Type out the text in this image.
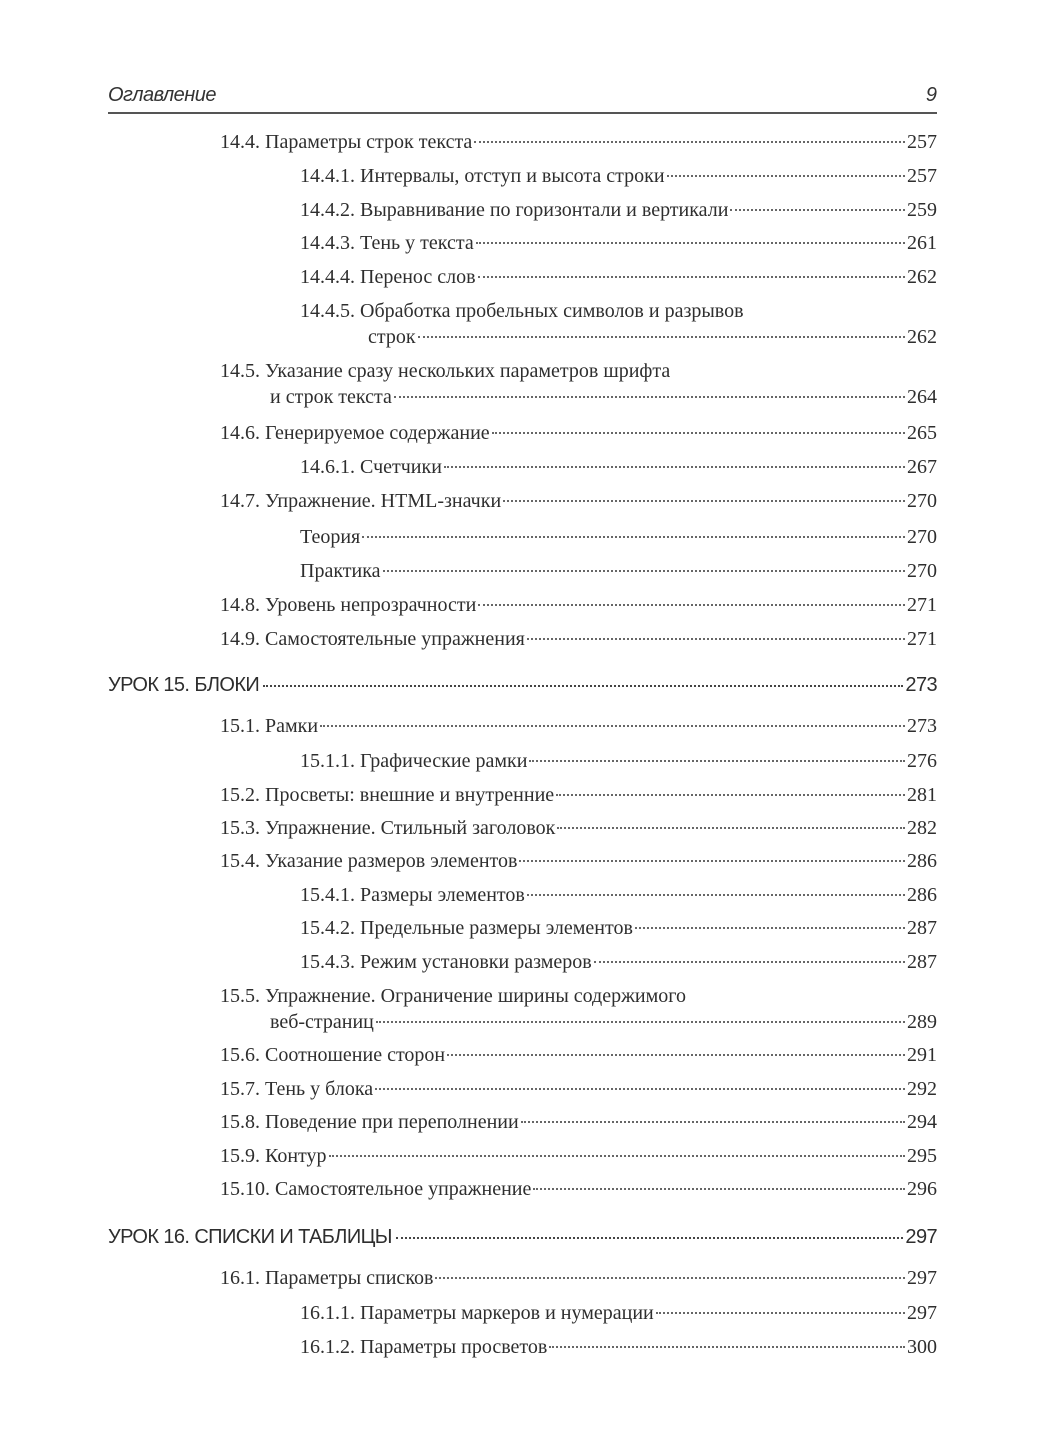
Оглавление	9
14.4. Параметры строк текста	257
14.4.1. Интервалы, отступ и высота строки	257
14.4.2. Выравнивание по горизонтали и вертикали	259
14.4.3. Тень у текста	261
14.4.4. Перенос слов	262
14.4.5. Обработка пробельных символов и разрывов
строк	262
14.5. Указание сразу нескольких параметров шрифта
и строк текста	264
14.6. Генерируемое содержание	265
14.6.1. Счетчики	267
14.7. Упражнение. HTML-значки	270
Теория	270
Практика	270
14.8. Уровень непрозрачности	271
14.9. Самостоятельные упражнения	271
УРОК 15. БЛОКИ	273
15.1. Рамки	273
15.1.1. Графические рамки	276
15.2. Просветы: внешние и внутренние	281
15.3. Упражнение. Стильный заголовок	282
15.4. Указание размеров элементов	286
15.4.1. Размеры элементов	286
15.4.2. Предельные размеры элементов	287
15.4.3. Режим установки размеров	287
15.5. Упражнение. Ограничение ширины содержимого
веб-страниц	289
15.6. Соотношение сторон	291
15.7. Тень у блока	292
15.8. Поведение при переполнении	294
15.9. Контур	295
15.10. Самостоятельное упражнение	296
УРОК 16. СПИСКИ И ТАБЛИЦЫ	297
16.1. Параметры списков	297
16.1.1. Параметры маркеров и нумерации	297
16.1.2. Параметры просветов	300
